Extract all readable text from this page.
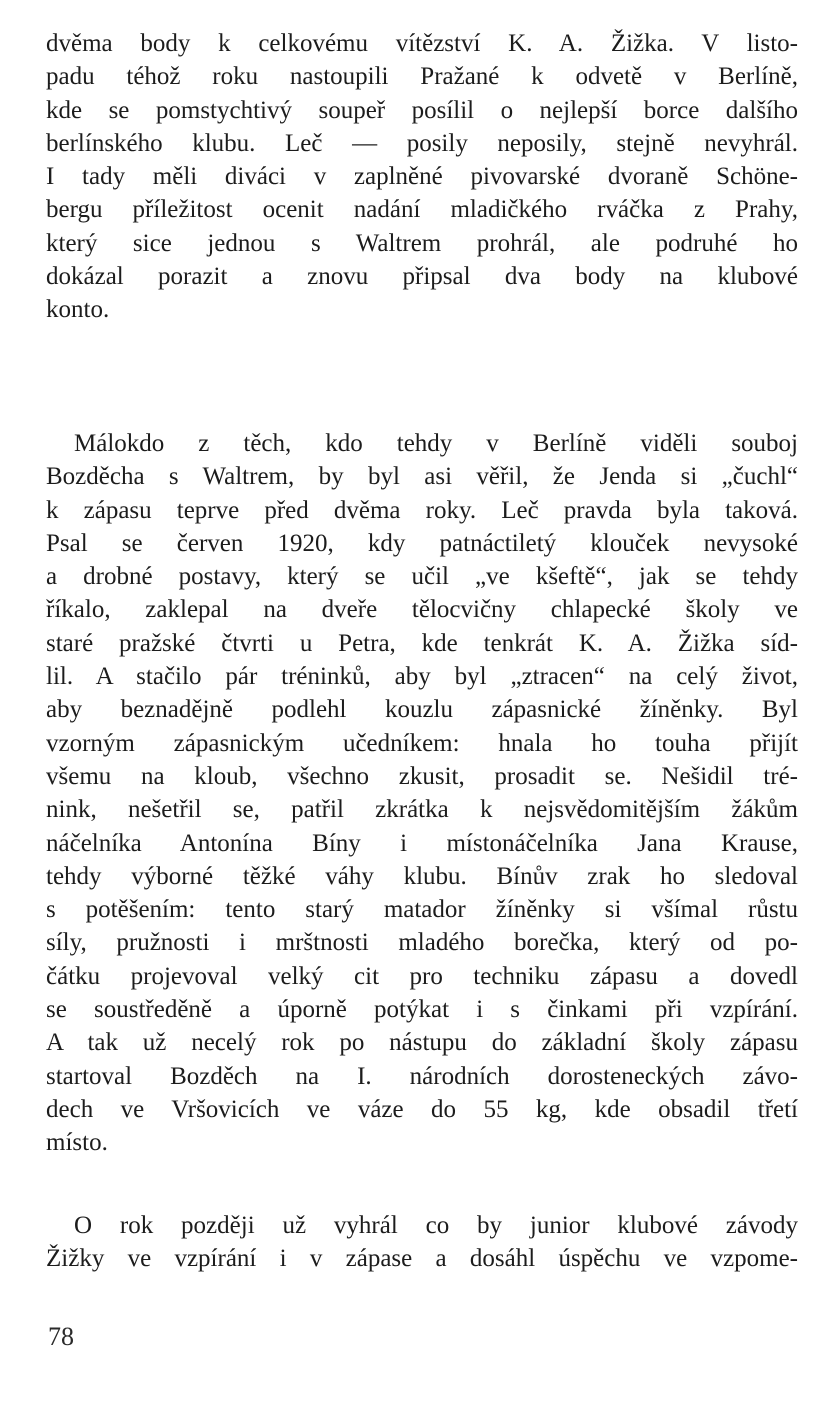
dvěma body k celkovému vítězství K. A. Žižka. V listo-
padu téhož roku nastoupili Pražané k odvetě v Berlíně,
kde se pomstychtivý soupeř posílil o nejlepší borce dalšího
berlínského klubu. Leč — posily neposily, stejně nevyhrál.
I tady měli diváci v zaplněné pivovarské dvoraně Schöne-
bergu příležitost ocenit nadání mladičkého rváčka z Prahy,
který sice jednou s Waltrem prohrál, ale podruhé ho
dokázal porazit a znovu připsal dva body na klubové
konto.
Málokdo z těch, kdo tehdy v Berlíně viděli souboj
Bozděcha s Waltrem, by byl asi věřil, že Jenda si „čuchl“
k zápasu teprve před dvěma roky. Leč pravda byla taková.
Psal se červen 1920, kdy patnáctiletý klouček nevysoké
a drobné postavy, který se učil „ve kšeftě“, jak se tehdy
říkalo, zaklepal na dveře tělocvičny chlapecké školy ve
staré pražské čtvrti u Petra, kde tenkrát K. A. Žižka síd-
lil. A stačilo pár tréninků, aby byl „ztracen“ na celý život,
aby beznadějně podlehl kouzlu zápasnické žíněnky. Byl
vzorným zápasnickým učedníkem: hnala ho touha přijít
všemu na kloub, všechno zkusit, prosadit se. Nešidil tré-
nink, nešetřil se, patřil zkrátka k nejsvědomitějším žákům
náčelníka Antonína Bíny i místonáčelníka Jana Krause,
tehdy výborné těžké váhy klubu. Bínův zrak ho sledoval
s potěšením: tento starý matador žíněnky si všímal růstu
síly, pružnosti i mrštnosti mladého borečka, který od po-
čátku projevoval velký cit pro techniku zápasu a dovedl
se soustředěně a úporně potýkat i s činkami při vzpírání.
A tak už necelý rok po nástupu do základní školy zápasu
startoval Bozděch na I. národních dorosteneckých závo-
dech ve Vršovicích ve váze do 55 kg, kde obsadil třetí
místo.
O rok později už vyhrál co by junior klubové závody
Žižky ve vzpírání i v zápase a dosáhl úspěchu ve vzpome-
78
